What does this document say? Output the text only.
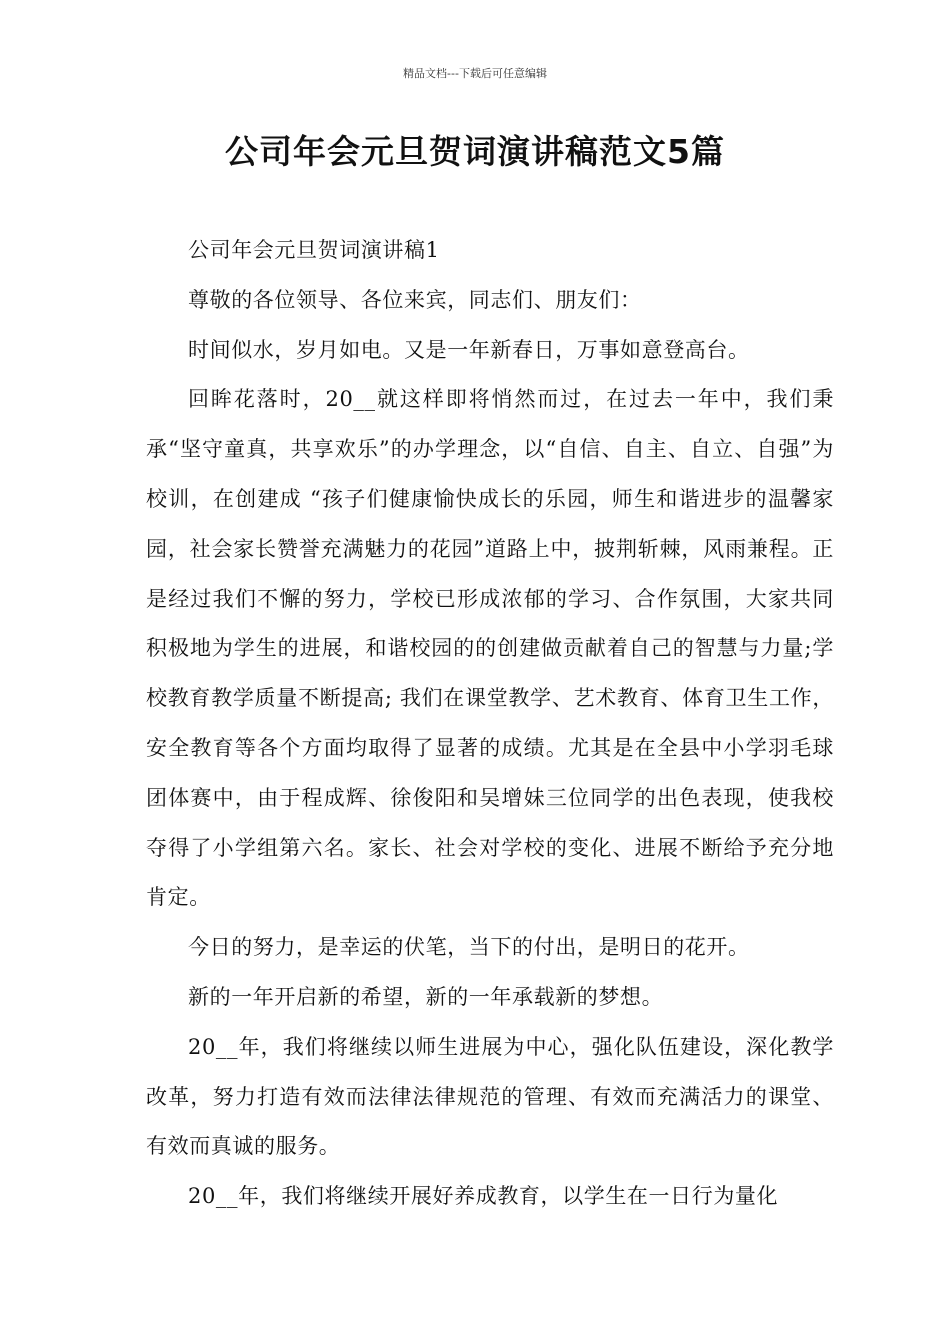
精品文档---下载后可任意编辑
公司年会元旦贺词演讲稿范文5篇

公司年会元旦贺词演讲稿1

尊敬的各位领导、各位来宾，同志们、朋友们：

时间似水，岁月如电。又是一年新春日，万事如意登高台。

回眸花落时，20__就这样即将悄然而过，在过去一年中，我们秉承“坚守童真，共享欢乐”的办学理念，以“自信、自主、自立、自强”为校训，在创建成 “孩子们健康愉快成长的乐园，师生和谐进步的温馨家园，社会家长赞誉充满魅力的花园”道路上中，披荆斩棘，风雨兼程。正是经过我们不懈的努力，学校已形成浓郁的学习、合作氛围，大家共同积极地为学生的进展，和谐校园的的创建做贡献着自己的智慧与力量;学校教育教学质量不断提高; 我们在课堂教学、艺术教育、体育卫生工作，安全教育等各个方面均取得了显著的成绩。尤其是在全县中小学羽毛球团体赛中，由于程成辉、徐俊阳和吴增妹三位同学的出色表现，使我校夺得了小学组第六名。家长、社会对学校的变化、进展不断给予充分地肯定。

今日的努力，是幸运的伏笔，当下的付出，是明日的花开。

新的一年开启新的希望，新的一年承载新的梦想。

20__年，我们将继续以师生进展为中心，强化队伍建设，深化教学改革，努力打造有效而法律法律规范的管理、有效而充满活力的课堂、有效而真诚的服务。

20__年，我们将继续开展好养成教育，以学生在一日行为量化
